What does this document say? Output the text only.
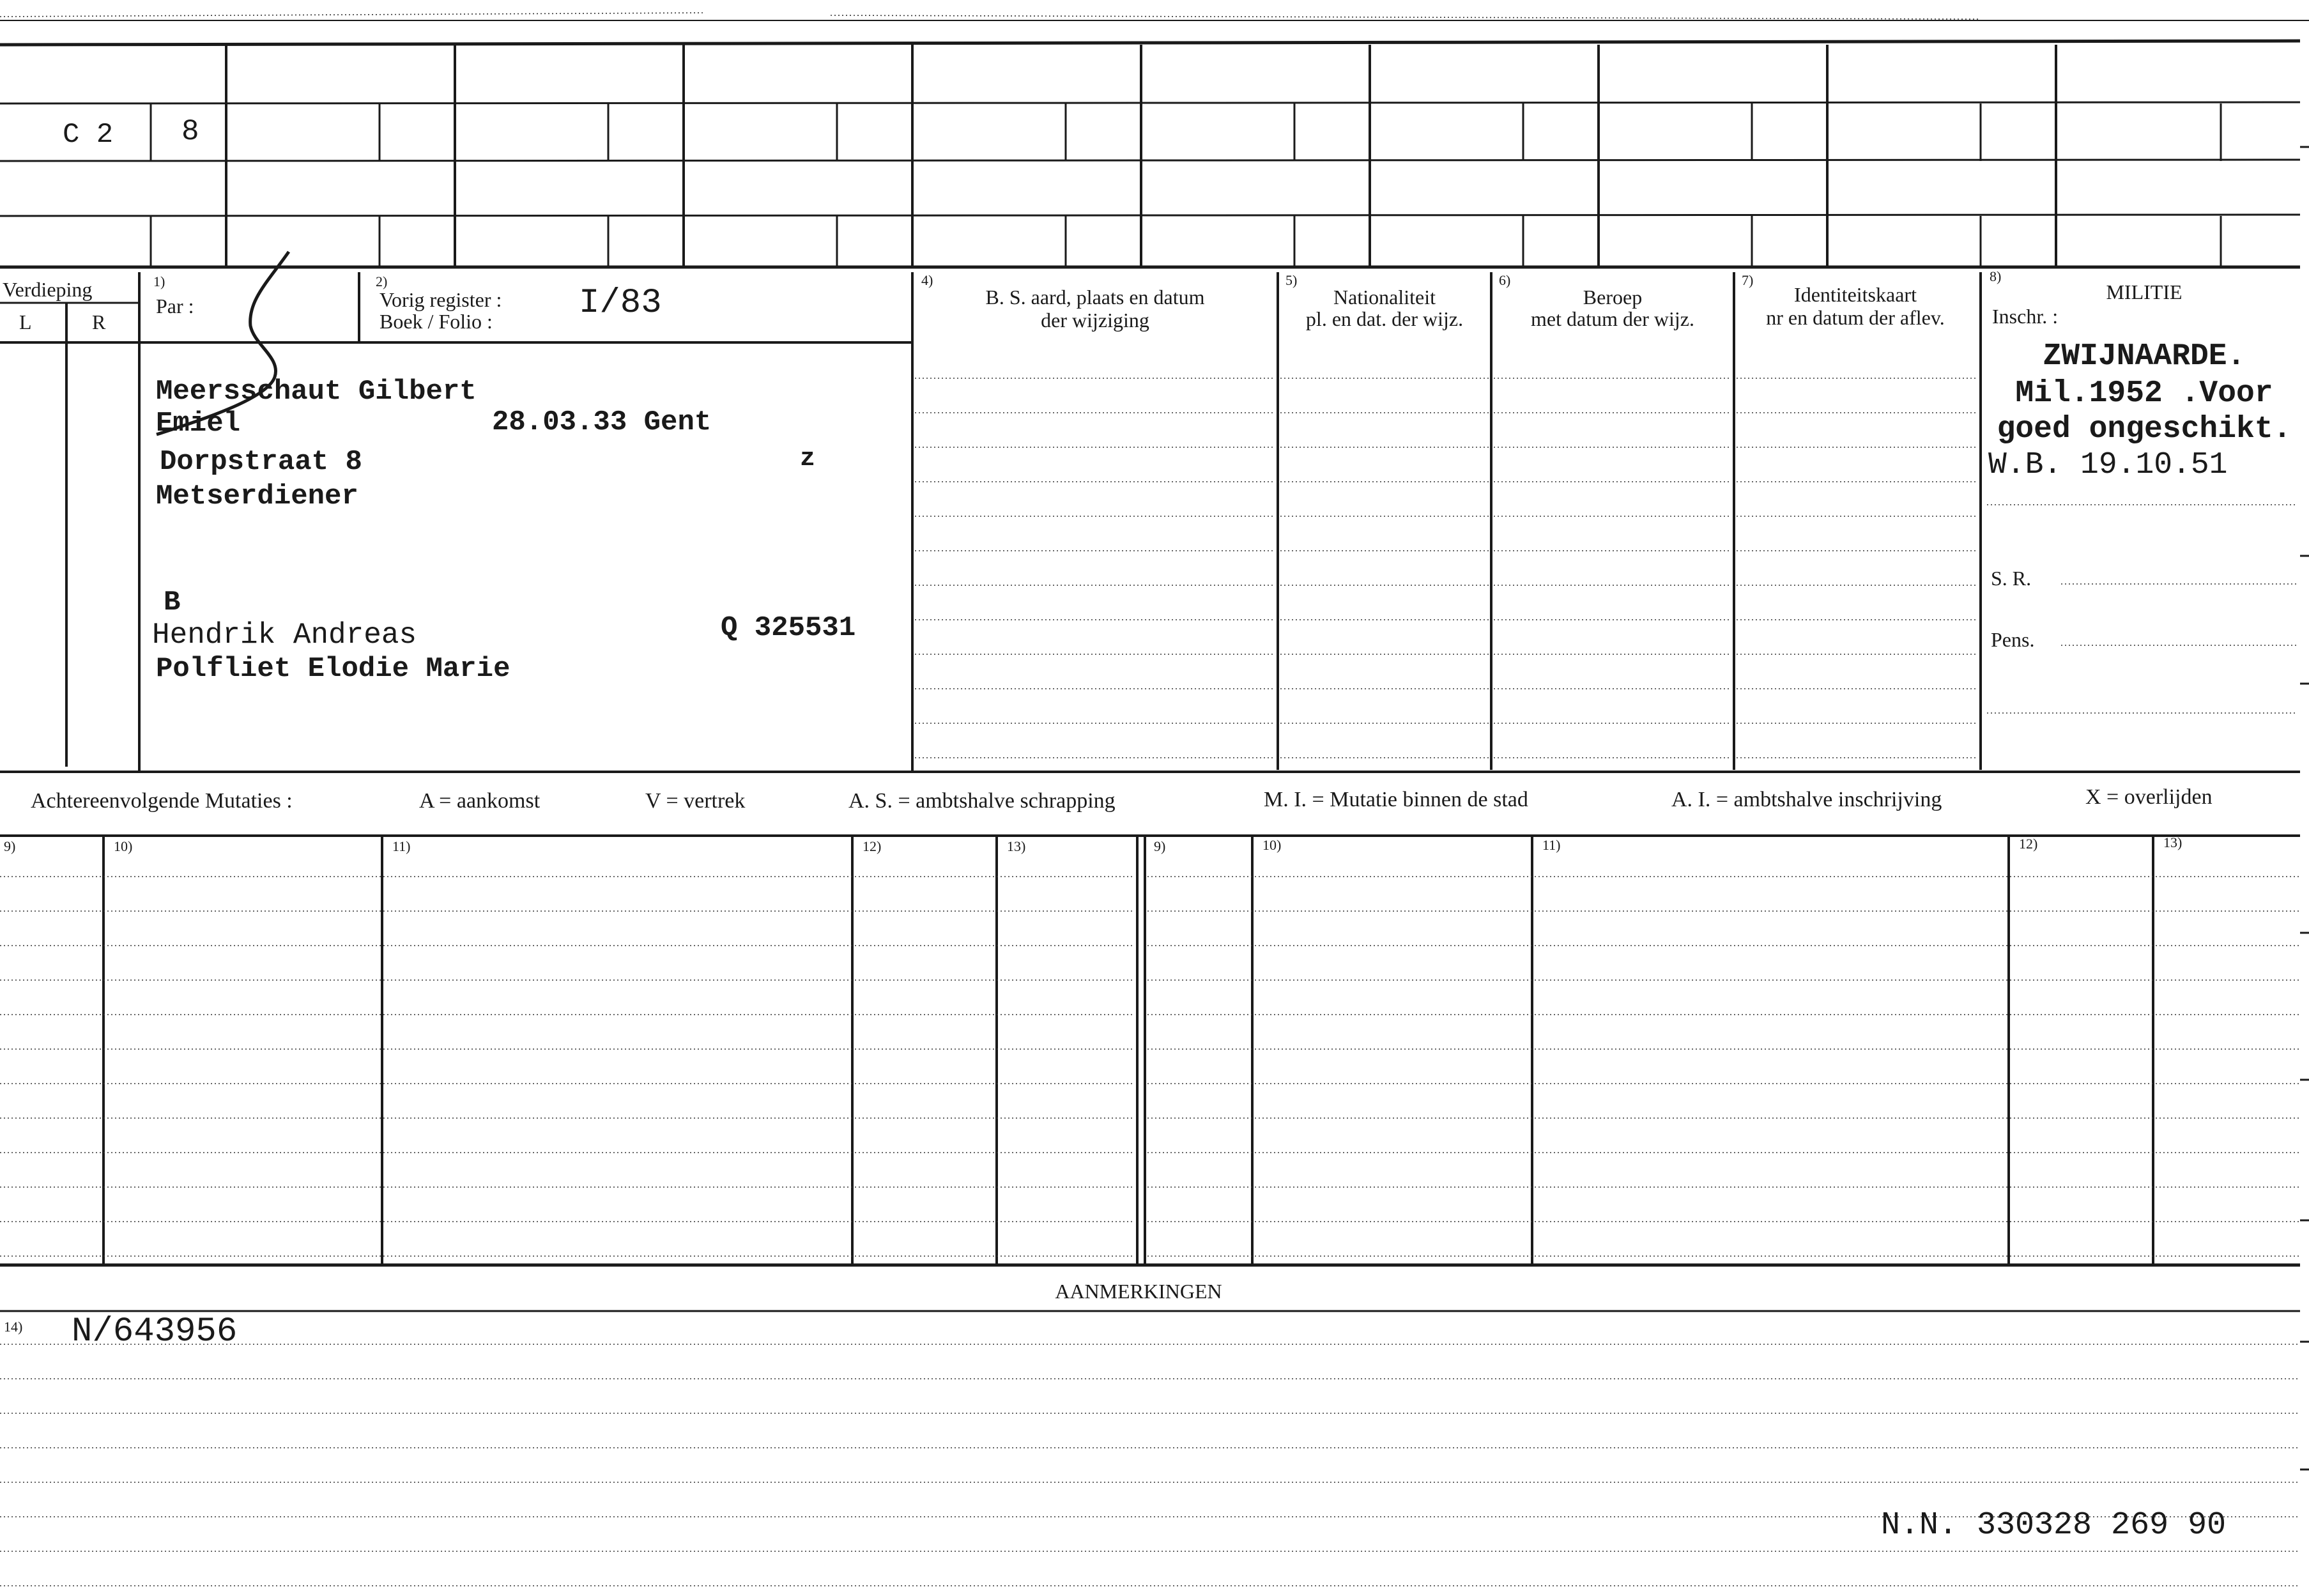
C 2 8
Verdieping
L	R
1)
Par :
2)
Vorig register : I/83
Boek / Folio :
4)
B. S. aard, plaats en datum
der wijziging
5)
Nationaliteit
pl. en dat. der wijz.
6)
Beroep
met datum der wijz.
7)
Identiteitskaart
nr en datum der aflev.
8)
MILITIE
Inschr. :
Meersschaut Gilbert
Emiel	28.03.33 Gent
Dorpstraat 8	z
Metserdiener
B
Hendrik Andreas	Q 325531
Polfliet Elodie Marie
ZWIJNAARDE.
Mil.1952 .Voor
goed ongeschikt.
W.B. 19.10.51
S. R.
Pens.
Achtereenvolgende Mutaties :	A = aankomst	V = vertrek	A. S. = ambtshalve schrapping	M. I. = Mutatie binnen de stad	A. I. = ambtshalve inschrijving	X = overlijden
9)	10)	11)	12)	13)	9)	10)	11)	12)	13)
AANMERKINGEN
14) N/643956
N.N. 330328 269 90
